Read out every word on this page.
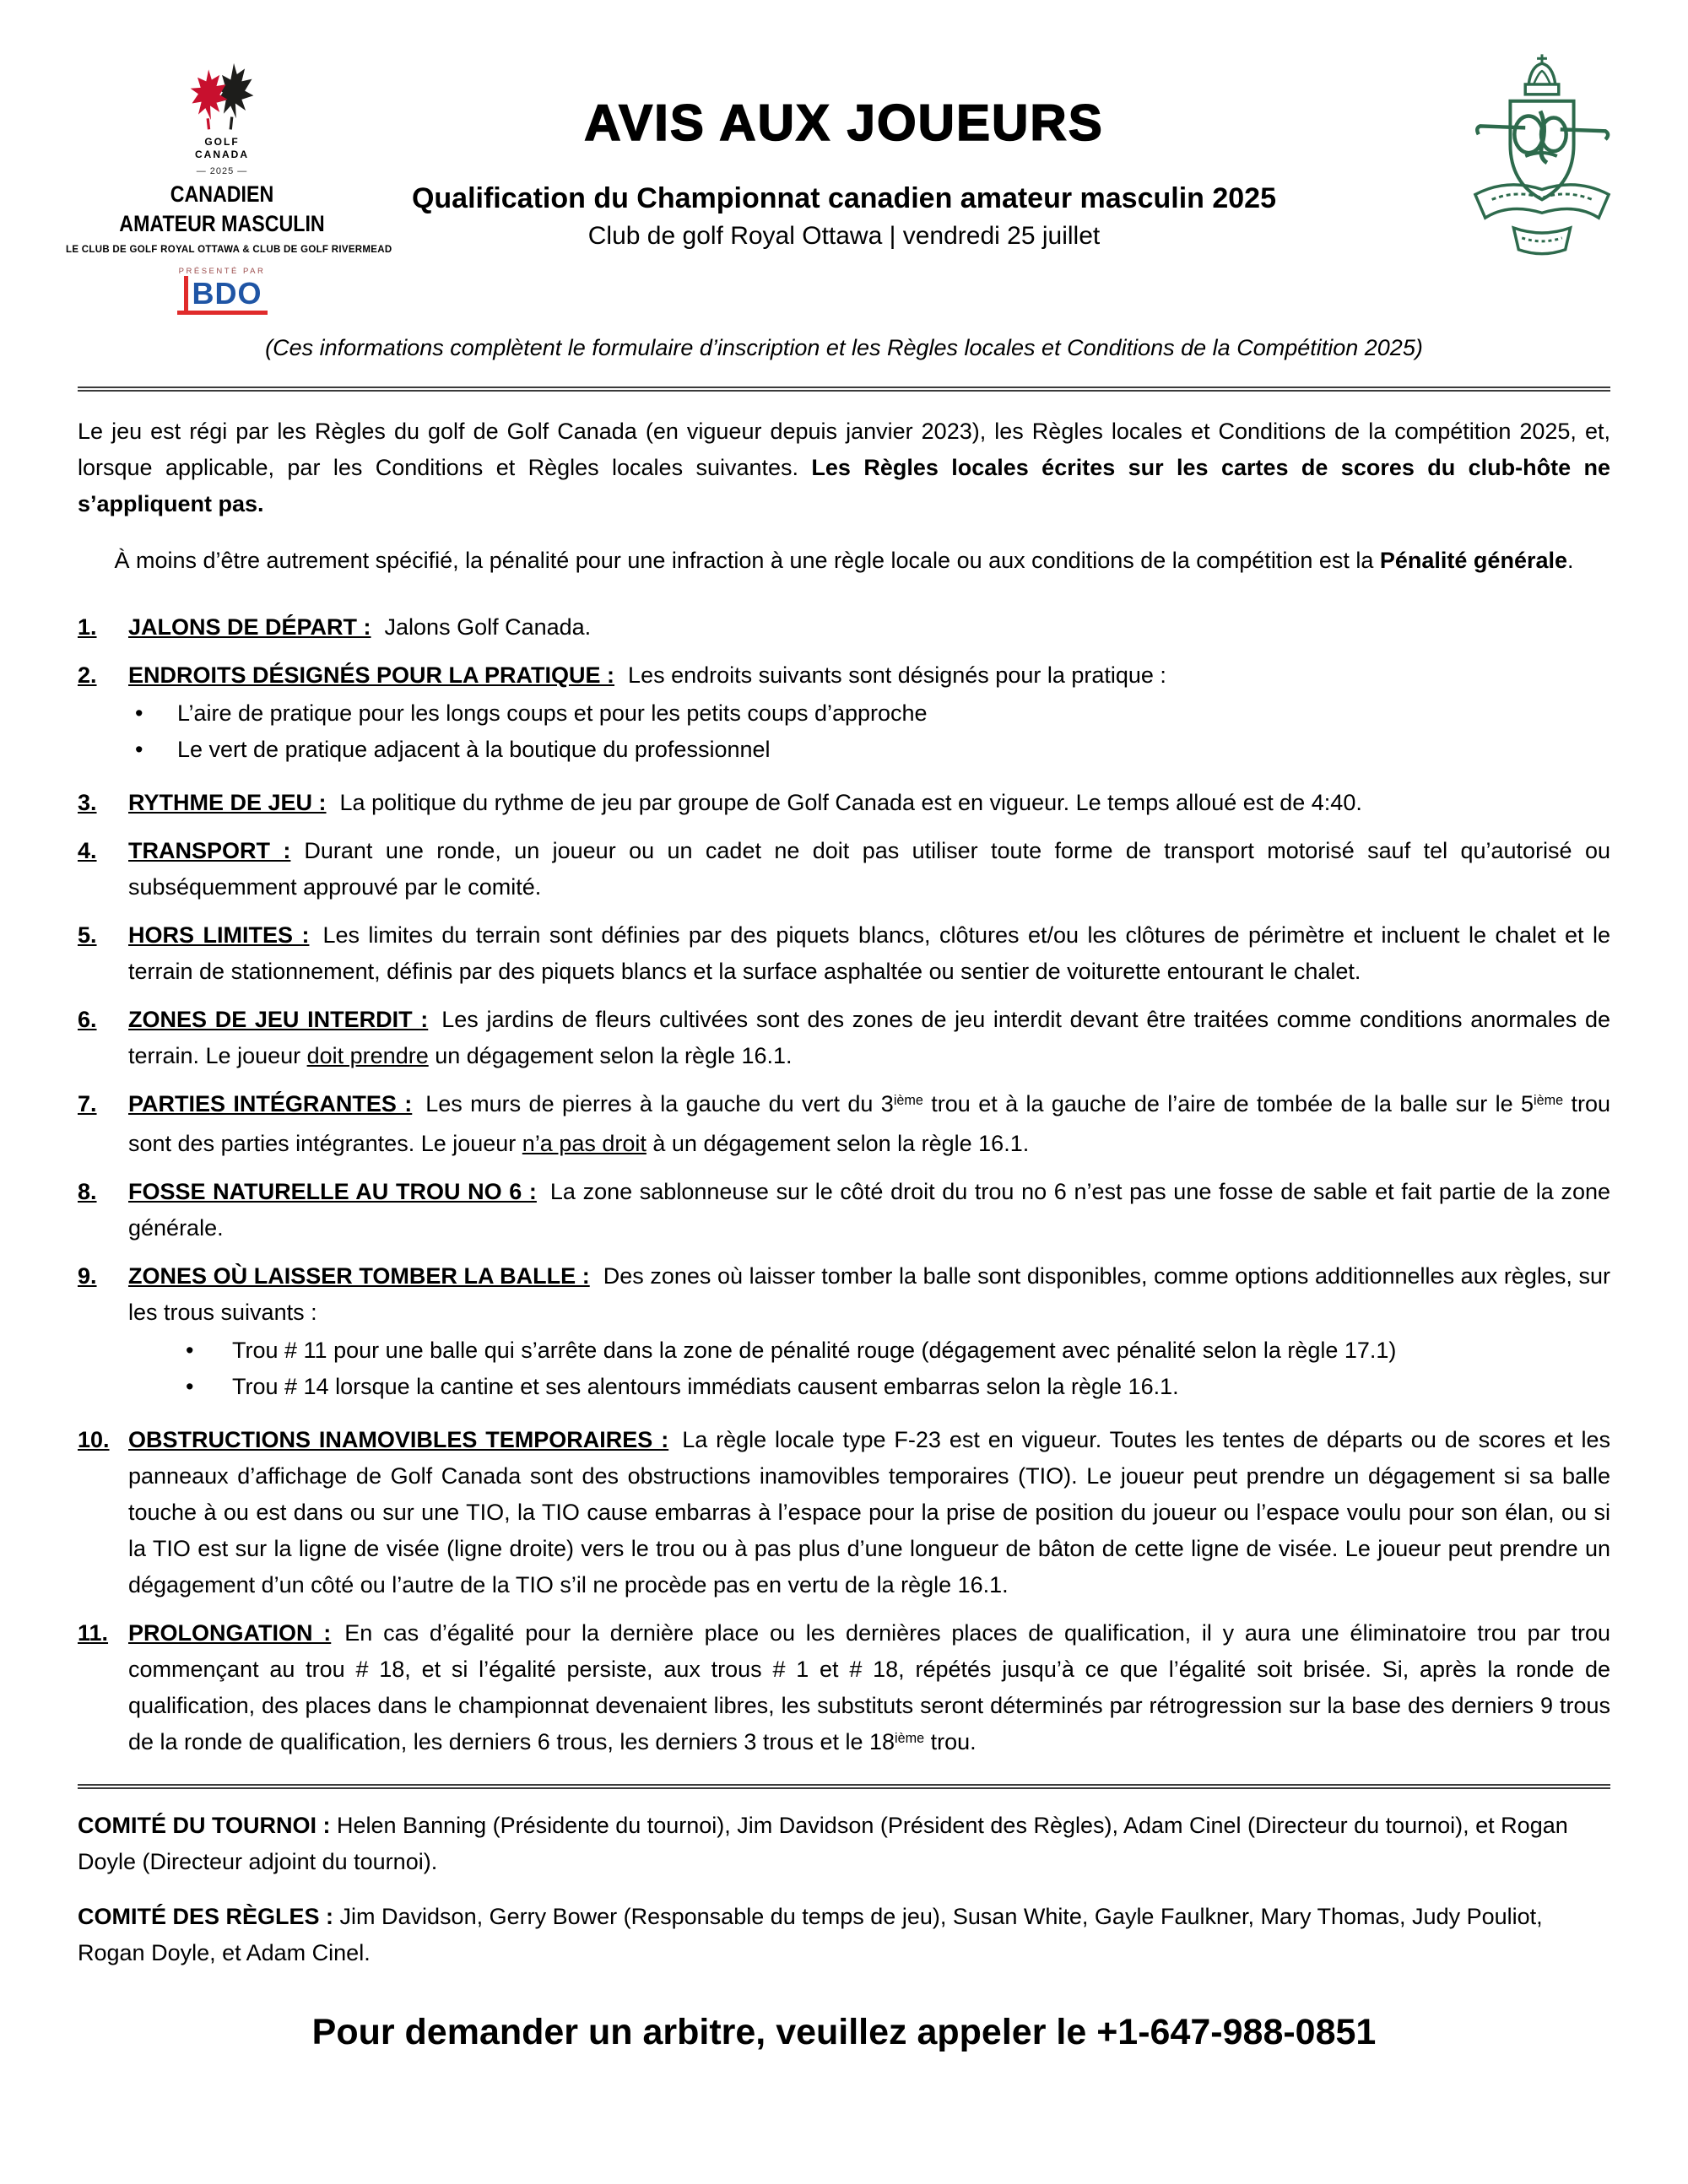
GOLF
CANADA
— 2025 —
CANADIEN
AMATEUR MASCULIN
LE CLUB DE GOLF ROYAL OTTAWA & CLUB DE GOLF RIVERMEAD
PRÉSENTÉ PAR
BDO
AVIS AUX JOUEURS
Qualification du Championnat canadien amateur masculin 2025
Club de golf Royal Ottawa | vendredi 25 juillet
(Ces informations complètent le formulaire d’inscription et les Règles locales et Conditions de la Compétition 2025)

Le jeu est régi par les Règles du golf de Golf Canada (en vigueur depuis janvier 2023), les Règles locales et Conditions de la compétition 2025, et, lorsque applicable, par les Conditions et Règles locales suivantes. Les Règles locales écrites sur les cartes de scores du club-hôte ne s’appliquent pas.

À moins d’être autrement spécifié, la pénalité pour une infraction à une règle locale ou aux conditions de la compétition est la Pénalité générale.

1.	JALONS DE DÉPART : Jalons Golf Canada.

2.	ENDROITS DÉSIGNÉS POUR LA PRATIQUE : Les endroits suivants sont désignés pour la pratique :

•	L’aire de pratique pour les longs coups et pour les petits coups d’approche
•	Le vert de pratique adjacent à la boutique du professionnel
3.	RYTHME DE JEU : La politique du rythme de jeu par groupe de Golf Canada est en vigueur. Le temps alloué est de 4:40.

4.	TRANSPORT : Durant une ronde, un joueur ou un cadet ne doit pas utiliser toute forme de transport motorisé sauf tel qu’autorisé ou subséquemment approuvé par le comité.

5.	HORS LIMITES : Les limites du terrain sont définies par des piquets blancs, clôtures et/ou les clôtures de périmètre et incluent le chalet et le terrain de stationnement, définis par des piquets blancs et la surface asphaltée ou sentier de voiturette entourant le chalet.

6.	ZONES DE JEU INTERDIT : Les jardins de fleurs cultivées sont des zones de jeu interdit devant être traitées comme conditions anormales de terrain. Le joueur doit prendre un dégagement selon la règle 16.1.

7.	PARTIES INTÉGRANTES : Les murs de pierres à la gauche du vert du 3ième trou et à la gauche de l’aire de tombée de la balle sur le 5ième trou sont des parties intégrantes. Le joueur n’a pas droit à un dégagement selon la règle 16.1.

8.	FOSSE NATURELLE AU TROU NO 6 : La zone sablonneuse sur le côté droit du trou no 6 n’est pas une fosse de sable et fait partie de la zone générale.

9.	ZONES OÙ LAISSER TOMBER LA BALLE : Des zones où laisser tomber la balle sont disponibles, comme options additionnelles aux règles, sur les trous suivants :

•	Trou # 11 pour une balle qui s’arrête dans la zone de pénalité rouge (dégagement avec pénalité selon la règle 17.1)
•	Trou # 14 lorsque la cantine et ses alentours immédiats causent embarras selon la règle 16.1.
10. OBSTRUCTIONS INAMOVIBLES TEMPORAIRES : La règle locale type F-23 est en vigueur. Toutes les tentes de départs ou de scores et les panneaux d’affichage de Golf Canada sont des obstructions inamovibles temporaires (TIO). Le joueur peut prendre un dégagement si sa balle touche à ou est dans ou sur une TIO, la TIO cause embarras à l’espace pour la prise de position du joueur ou l’espace voulu pour son élan, ou si la TIO est sur la ligne de visée (ligne droite) vers le trou ou à pas plus d’une longueur de bâton de cette ligne de visée. Le joueur peut prendre un dégagement d’un côté ou l’autre de la TIO s’il ne procède pas en vertu de la règle 16.1.

11. PROLONGATION : En cas d’égalité pour la dernière place ou les dernières places de qualification, il y aura une éliminatoire trou par trou commençant au trou # 18, et si l’égalité persiste, aux trous # 1 et # 18, répétés jusqu’à ce que l’égalité soit brisée. Si, après la ronde de qualification, des places dans le championnat devenaient libres, les substituts seront déterminés par rétrogression sur la base des derniers 9 trous de la ronde de qualification, les derniers 6 trous, les derniers 3 trous et le 18ième trou.

COMITÉ DU TOURNOI : Helen Banning (Présidente du tournoi), Jim Davidson (Président des Règles), Adam Cinel (Directeur du tournoi), et Rogan Doyle (Directeur adjoint du tournoi).

COMITÉ DES RÈGLES : Jim Davidson, Gerry Bower (Responsable du temps de jeu), Susan White, Gayle Faulkner, Mary Thomas, Judy Pouliot, Rogan Doyle, et Adam Cinel.

Pour demander un arbitre, veuillez appeler le +1-647-988-0851
